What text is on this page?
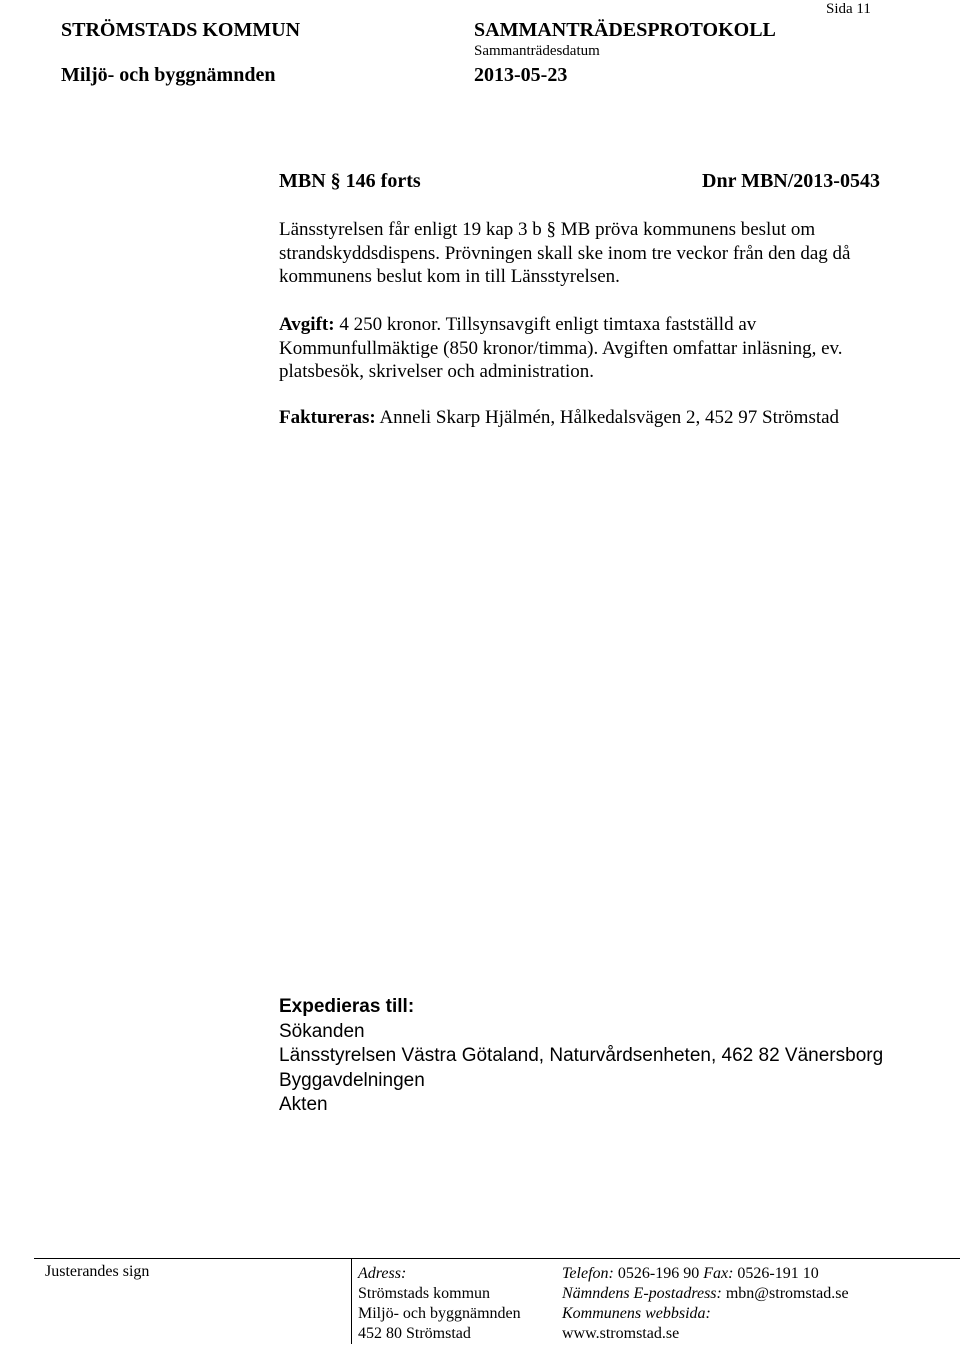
STRÖMSTADS KOMMUN	SAMMANTRÄDESPROTOKOLL
Sida 11
Sammanträdesdatum
Miljö- och byggnämnden	2013-05-23
MBN § 146 forts	Dnr MBN/2013-0543

Länsstyrelsen får enligt 19 kap 3 b § MB pröva kommunens beslut om

strandskyddsdispens. Prövningen skall ske inom tre veckor från den dag då

kommunens beslut kom in till Länsstyrelsen.

Avgift: 4 250 kronor. Tillsynsavgift enligt timtaxa fastställd av

Kommunfullmäktige (850 kronor/timma). Avgiften omfattar inläsning, ev.

platsbesök, skrivelser och administration.

Faktureras: Anneli Skarp Hjälmén, Hålkedalsvägen 2, 452 97 Strömstad

Expedieras till:

Sökanden

Länsstyrelsen Västra Götaland, Naturvårdsenheten, 462 82 Vänersborg

Byggavdelningen

Akten

Justerandes sign	Adress:

Strömstads kommun

Miljö- och byggnämnden

452 80 Strömstad

Telefon: 0526-196 90 Fax: 0526-191 10

Nämndens E-postadress: mbn@stromstad.se

Kommunens webbsida:

www.stromstad.se
